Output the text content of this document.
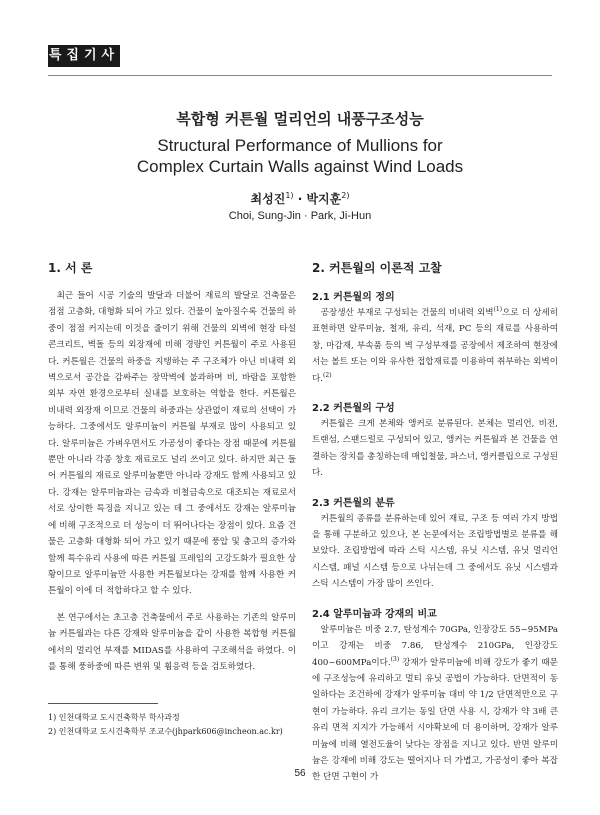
특집기사
복합형 커튼월 멀리언의 내풍구조성능
Structural Performance of Mullions for
Complex Curtain Walls against Wind Loads
최성진$^{1)}$ · 박지훈$^{2)}$
Choi, Sung-Jin · Park, Ji-Hun
1. 서 론

최근 들어 시공 기술의 발달과 더불어 재료의 발달로 건축물은 점점 고층화, 대형화 되어 가고 있다. 건물이 높아질수록 건물의 하중이 점점 커지는데 이것을 줄이기 위해 건물의 외벽에 현장 타설 콘크리트, 벽돌 등의 외장재에 비해 경량인 커튼월이 주로 사용된다. 커튼월은 건물의 하중을 지탱하는 주 구조체가 아닌 비내력 외벽으로서 공간을 감싸주는 장막벽에 불과하며 비, 바람을 포함한 외부 자연 환경으로부터 실내를 보호하는 역할을 한다. 커튼월은 비내력 외장재 이므로 건물의 하중과는 상관없이 재료의 선택이 가능하다. 그중에서도 알루미늄이 커튼월 부재로 많이 사용되고 있다. 알루미늄은 가벼우면서도 가공성이 좋다는 장점 때문에 커튼월뿐만 아니라 각종 창호 재료로도 널리 쓰이고 있다. 하지만 최근 들어 커튼월의 재료로 알루미늄뿐만 아니라 강재도 함께 사용되고 있다. 강재는 알루미늄과는 금속과 비철금속으로 대조되는 재료로서 서로 상이한 특징을 지니고 있는 데 그 중에서도 강재는 알루미늄에 비해 구조적으로 더 성능이 더 뛰어나다는 장점이 있다. 요즘 건물은 고층화 대형화 되어 가고 있기 때문에 풍압 및 충고의 증가와 함께 특수유리 사용에 따른 커튼월 프레임의 고강도화가 필요한 상황이므로 알루미늄만 사용한 커튼월보다는 강재를 함께 사용한 커튼월이 이에 더 적합하다고 할 수 있다.

본 연구에서는 초고층 건축물에서 주로 사용하는 기존의 알루미늄 커튼월과는 다른 강재와 알루미늄을 같이 사용한 복합형 커튼월에서의 멀리언 부재를 MIDAS를 사용하여 구조해석을 하였다. 이를 통해 풍하중에 따른 변위 및 휨응력 등을 검토하였다.

2. 커튼월의 이론적 고찰
2.1 커튼월의 정의

공장생산 부재로 구성되는 건물의 비내력 외벽$^{(1)}$으로 더 상세히 표현하면 알루미늄, 철재, 유리, 석재, PC 등의 재료를 사용하여 창, 마감재, 부속품 등의 벽 구성부재를 공장에서 제조하여 현장에서는 볼트 또는 이와 유사한 접합재료를 이용하여 취부하는 외벽이다.$^{(2)}$

2.2 커튼월의 구성

커튼월은 크게 본체와 앵커로 분류된다. 본체는 멀리언, 비전, 트랜섬, 스팬드럴로 구성되어 있고, 앵커는 커튼월과 본 건물을 연결하는 장치를 총칭하는데 매입철물, 파스너, 앵커클립으로 구성된다.

2.3 커튼월의 분류

커튼월의 종류를 분류하는데 있어 재료, 구조 등 여러 가지 방법을 통해 구분하고 있으나, 본 논문에서는 조립방법별로 분류를 해보았다. 조립방법에 따라 스틱 시스템, 유닛 시스템, 유닛 멀리언 시스템, 패널 시스템 등으로 나뉘는데 그 중에서도 유닛 시스템과 스틱 시스템이 가장 많이 쓰인다.

2.4 알루미늄과 강재의 비교

알루미늄은 비중 2.7, 탄성계수 70GPa, 인장강도 55~95MPa이고 강재는 비중 7.86, 탄성계수 210GPa, 인장강도 400~600MPa이다.$^{(3)}$ 강재가 알루미늄에 비해 강도가 좋기 때문에 구조성능에 유리하고 멀티 유닛 공법이 가능하다. 단면적이 동일하다는 조건하에 강재가 알루미늄 대비 약 1/2 단면적만으로 구현이 가능하다. 유리 크기는 동일 단면 사용 시, 강재가 약 3배 큰 유리 면적 지지가 가능해서 시야확보에 더 용이하며, 강재가 알루미늄에 비해 열전도율이 낮다는 장점을 지니고 있다. 반면 알루미늄은 강재에 비해 강도는 떨어지나 더 가볍고, 가공성이 좋아 복잡한 단면 구현이 가

1) 인천대학교 도시건축학부 학사과정
2) 인천대학교 도시건축학부 조교수(jhpark606@incheon.ac.kr)
56
